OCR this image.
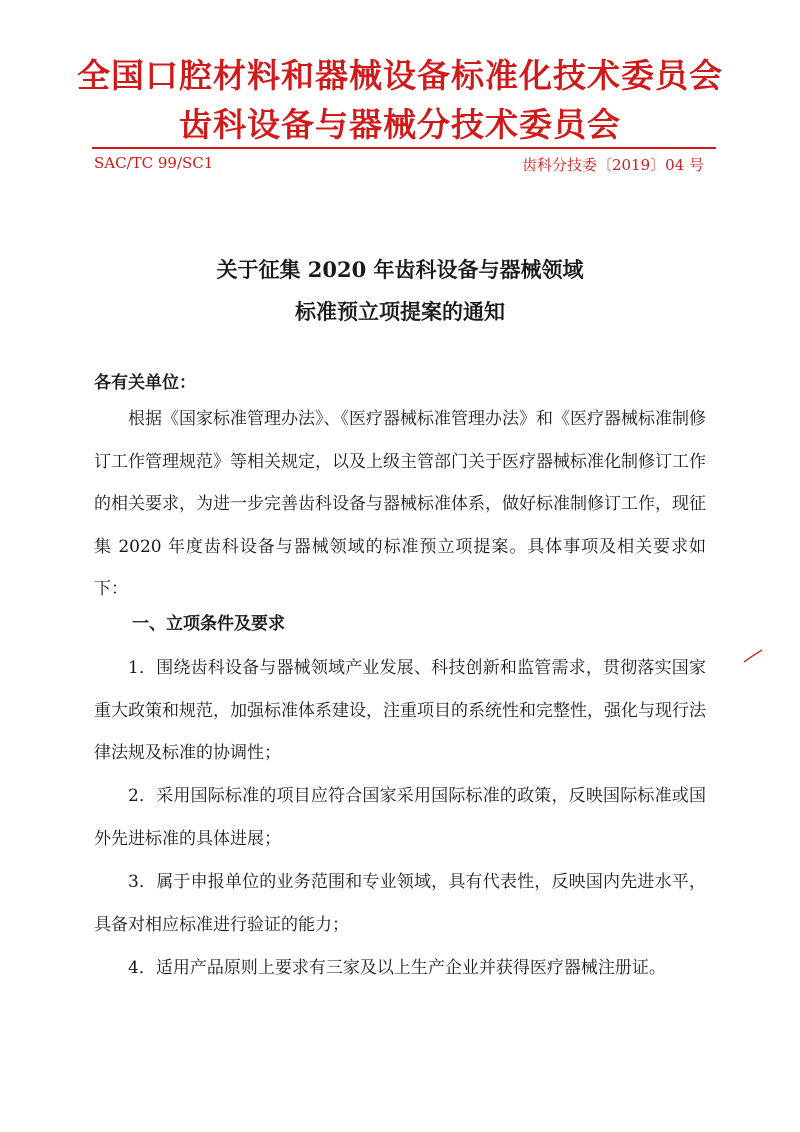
全国口腔材料和器械设备标准化技术委员会
齿科设备与器械分技术委员会
SAC/TC 99/SC1	齿科分技委〔2019〕04 号
关于征集 2020 年齿科设备与器械领域
标准预立项提案的通知
各有关单位：

根据《国家标准管理办法》、《医疗器械标准管理办法》和《医疗器械标准制修订工作管理规范》等相关规定，以及上级主管部门关于医疗器械标准化制修订工作的相关要求，为进一步完善齿科设备与器械标准体系，做好标准制修订工作，现征集 2020 年度齿科设备与器械领域的标准预立项提案。具体事项及相关要求如下：

一、立项条件及要求

1．围绕齿科设备与器械领域产业发展、科技创新和监管需求，贯彻落实国家重大政策和规范，加强标准体系建设，注重项目的系统性和完整性，强化与现行法律法规及标准的协调性；

2．采用国际标准的项目应符合国家采用国际标准的政策，反映国际标准或国外先进标准的具体进展；

3．属于申报单位的业务范围和专业领域，具有代表性，反映国内先进水平，具备对相应标准进行验证的能力；

4．适用产品原则上要求有三家及以上生产企业并获得医疗器械注册证。
